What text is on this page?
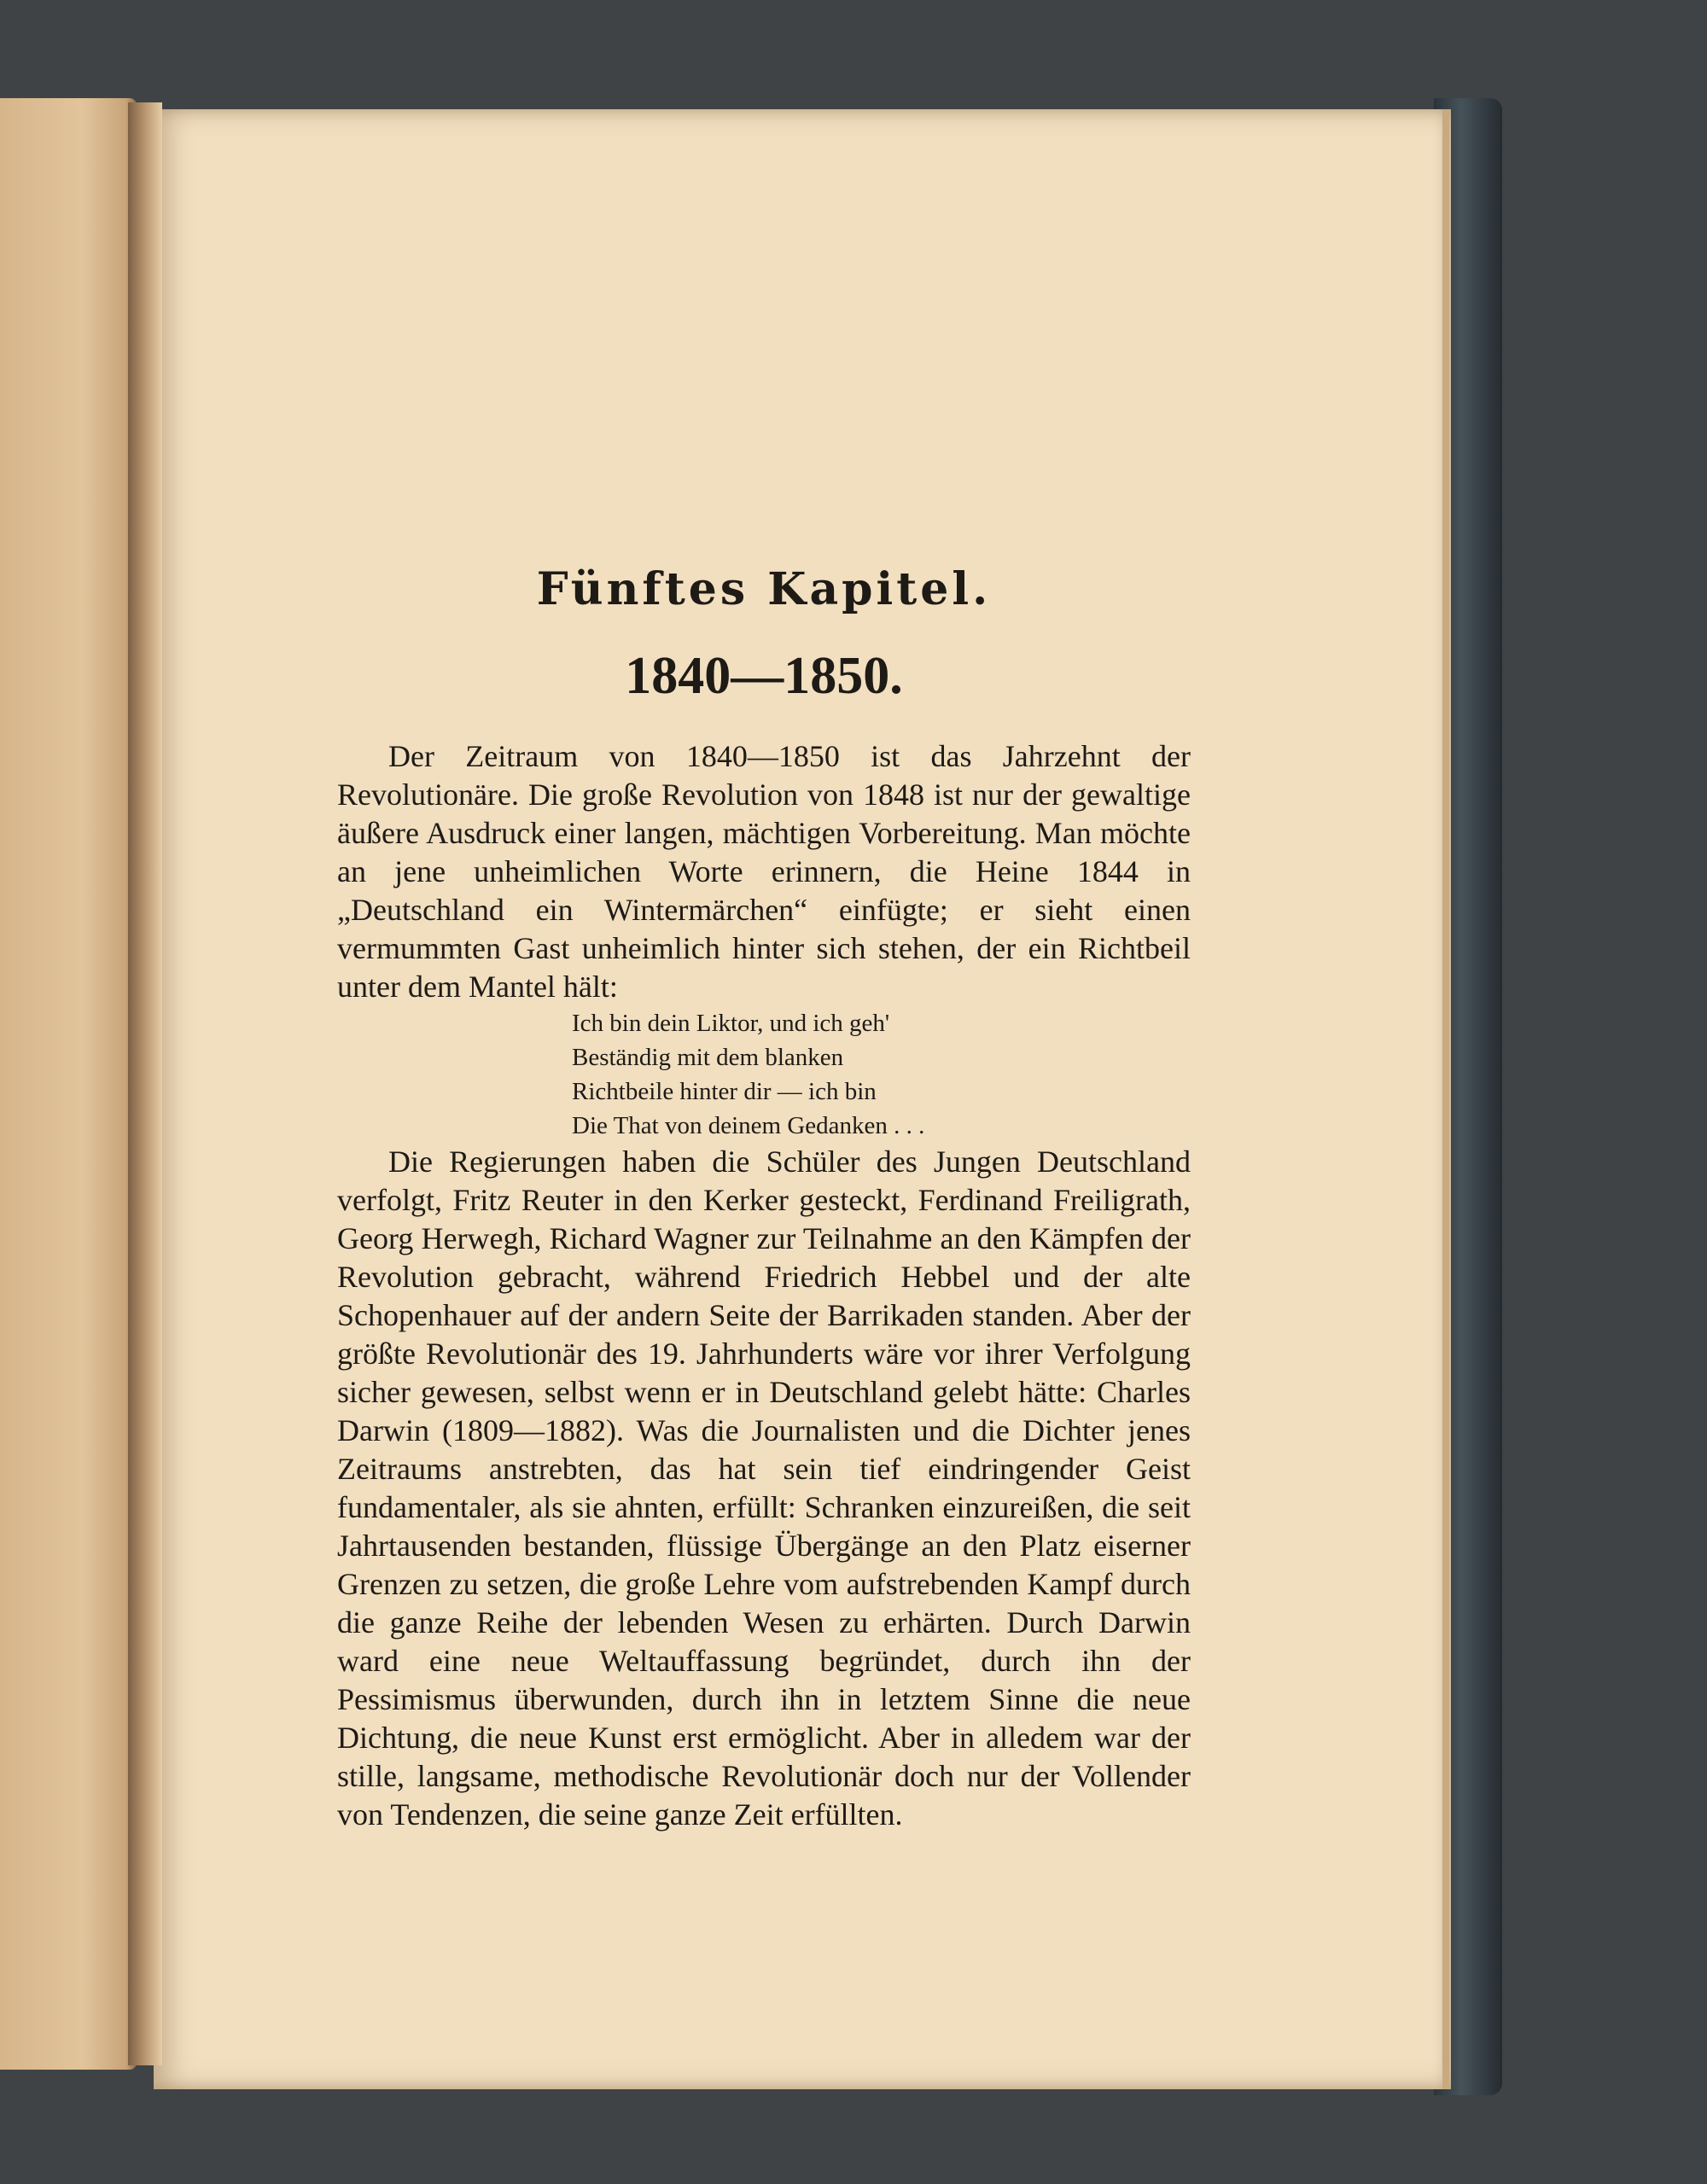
Fünftes Kapitel.
1840—1850.

Der Zeitraum von 1840—1850 ist das Jahrzehnt der Revolutionäre. Die große Revolution von 1848 ist nur der gewaltige äußere Ausdruck einer langen, mächtigen Vorbereitung. Man möchte an jene unheimlichen Worte erinnern, die Heine 1844 in „Deutschland ein Wintermärchen“ einfügte; er sieht einen vermummten Gast unheimlich hinter sich stehen, der ein Richtbeil unter dem Mantel hält:

Ich bin dein Liktor, und ich geh'
Beständig mit dem blanken
Richtbeile hinter dir — ich bin
Die That von deinem Gedanken . . .

Die Regierungen haben die Schüler des Jungen Deutschland verfolgt, Fritz Reuter in den Kerker gesteckt, Ferdinand Freiligrath, Georg Herwegh, Richard Wagner zur Teilnahme an den Kämpfen der Revolution gebracht, während Friedrich Hebbel und der alte Schopenhauer auf der andern Seite der Barrikaden standen. Aber der größte Revolutionär des 19. Jahrhunderts wäre vor ihrer Verfolgung sicher gewesen, selbst wenn er in Deutschland gelebt hätte: Charles Darwin (1809—1882). Was die Journalisten und die Dichter jenes Zeitraums anstrebten, das hat sein tief eindringender Geist fundamentaler, als sie ahnten, erfüllt: Schranken einzureißen, die seit Jahrtausenden bestanden, flüssige Übergänge an den Platz eiserner Grenzen zu setzen, die große Lehre vom aufstrebenden Kampf durch die ganze Reihe der lebenden Wesen zu erhärten. Durch Darwin ward eine neue Weltauffassung begründet, durch ihn der Pessimismus überwunden, durch ihn in letztem Sinne die neue Dichtung, die neue Kunst erst ermöglicht. Aber in alledem war der stille, langsame, methodische Revolutionär doch nur der Vollender von Tendenzen, die seine ganze Zeit erfüllten.
